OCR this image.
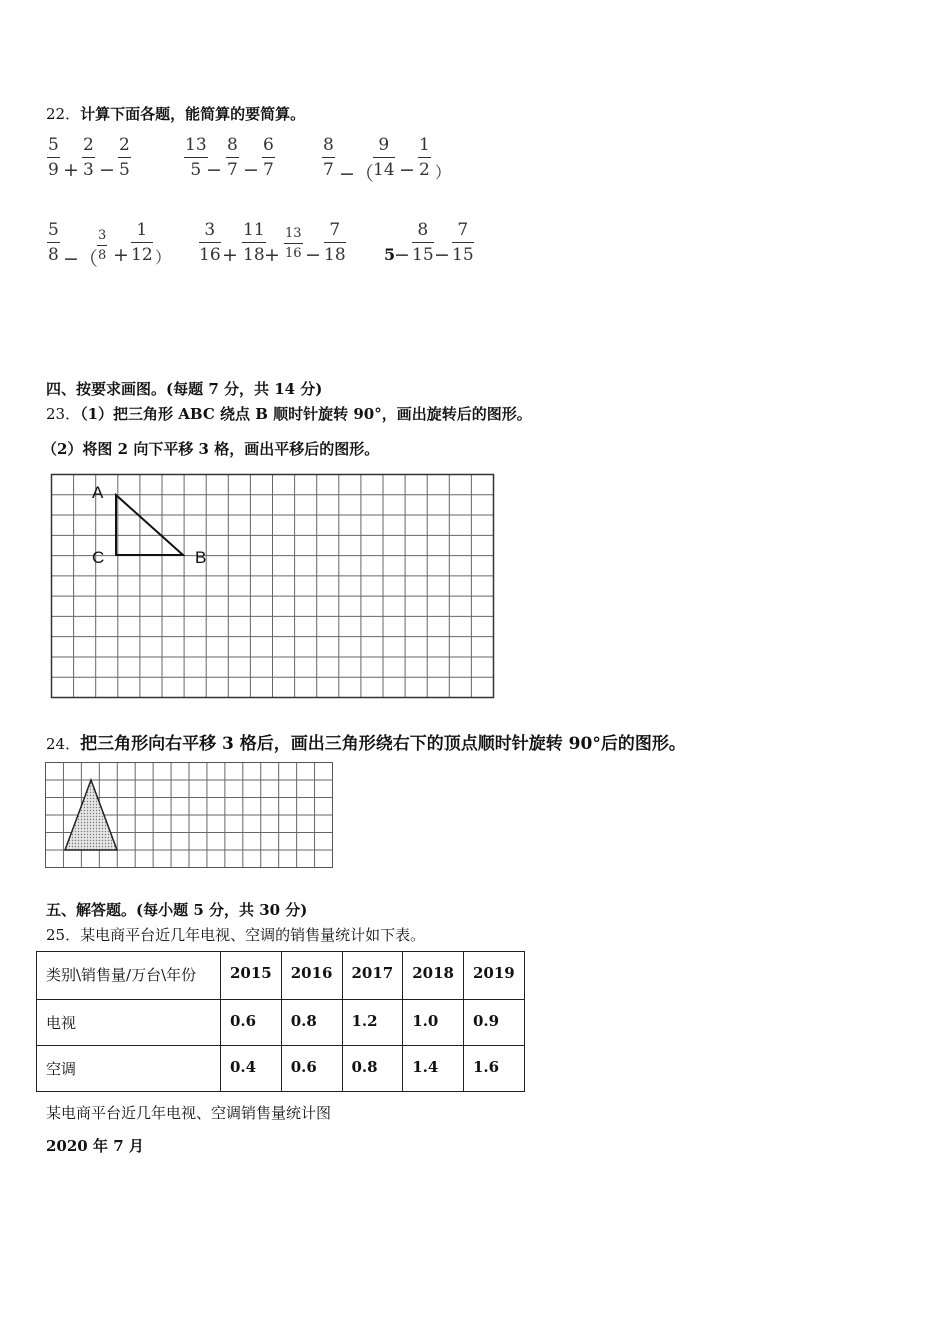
22．计算下面各题，能简算的要简算。
5
9 +
2
3 −
2
5
13
5 −
8
7 −
6
7
8
7 −（
9
14 −
1
2 ）
5
8 −（
3
8 +
1
12 ）
3
16 +
11
18 +
13
16 −
7
18 5
−
8
15 −
7
15
四、按要求画图。(每题 7 分，共 14 分)
23．（1）把三角形 ABC 绕点 B 顺时针旋转 90°，画出旋转后的图形。
（2）将图 2 向下平移 3 格，画出平移后的图形。
A
C	B
24．把三角形向右平移 3 格后，画出三角形绕右下的顶点顺时针旋转 90°后的图形。
五、解答题。(每小题 5 分，共 30 分)
25．某电商平台近几年电视、空调的销售量统计如下表。
类别\销售量/万台\年份	2015	2016	2017	2018	2019
电视	0.6	0.8	1.2	1.0	0.9
空调	0.4	0.6	0.8	1.4	1.6
某电商平台近几年电视、空调销售量统计图
2020 年 7 月
